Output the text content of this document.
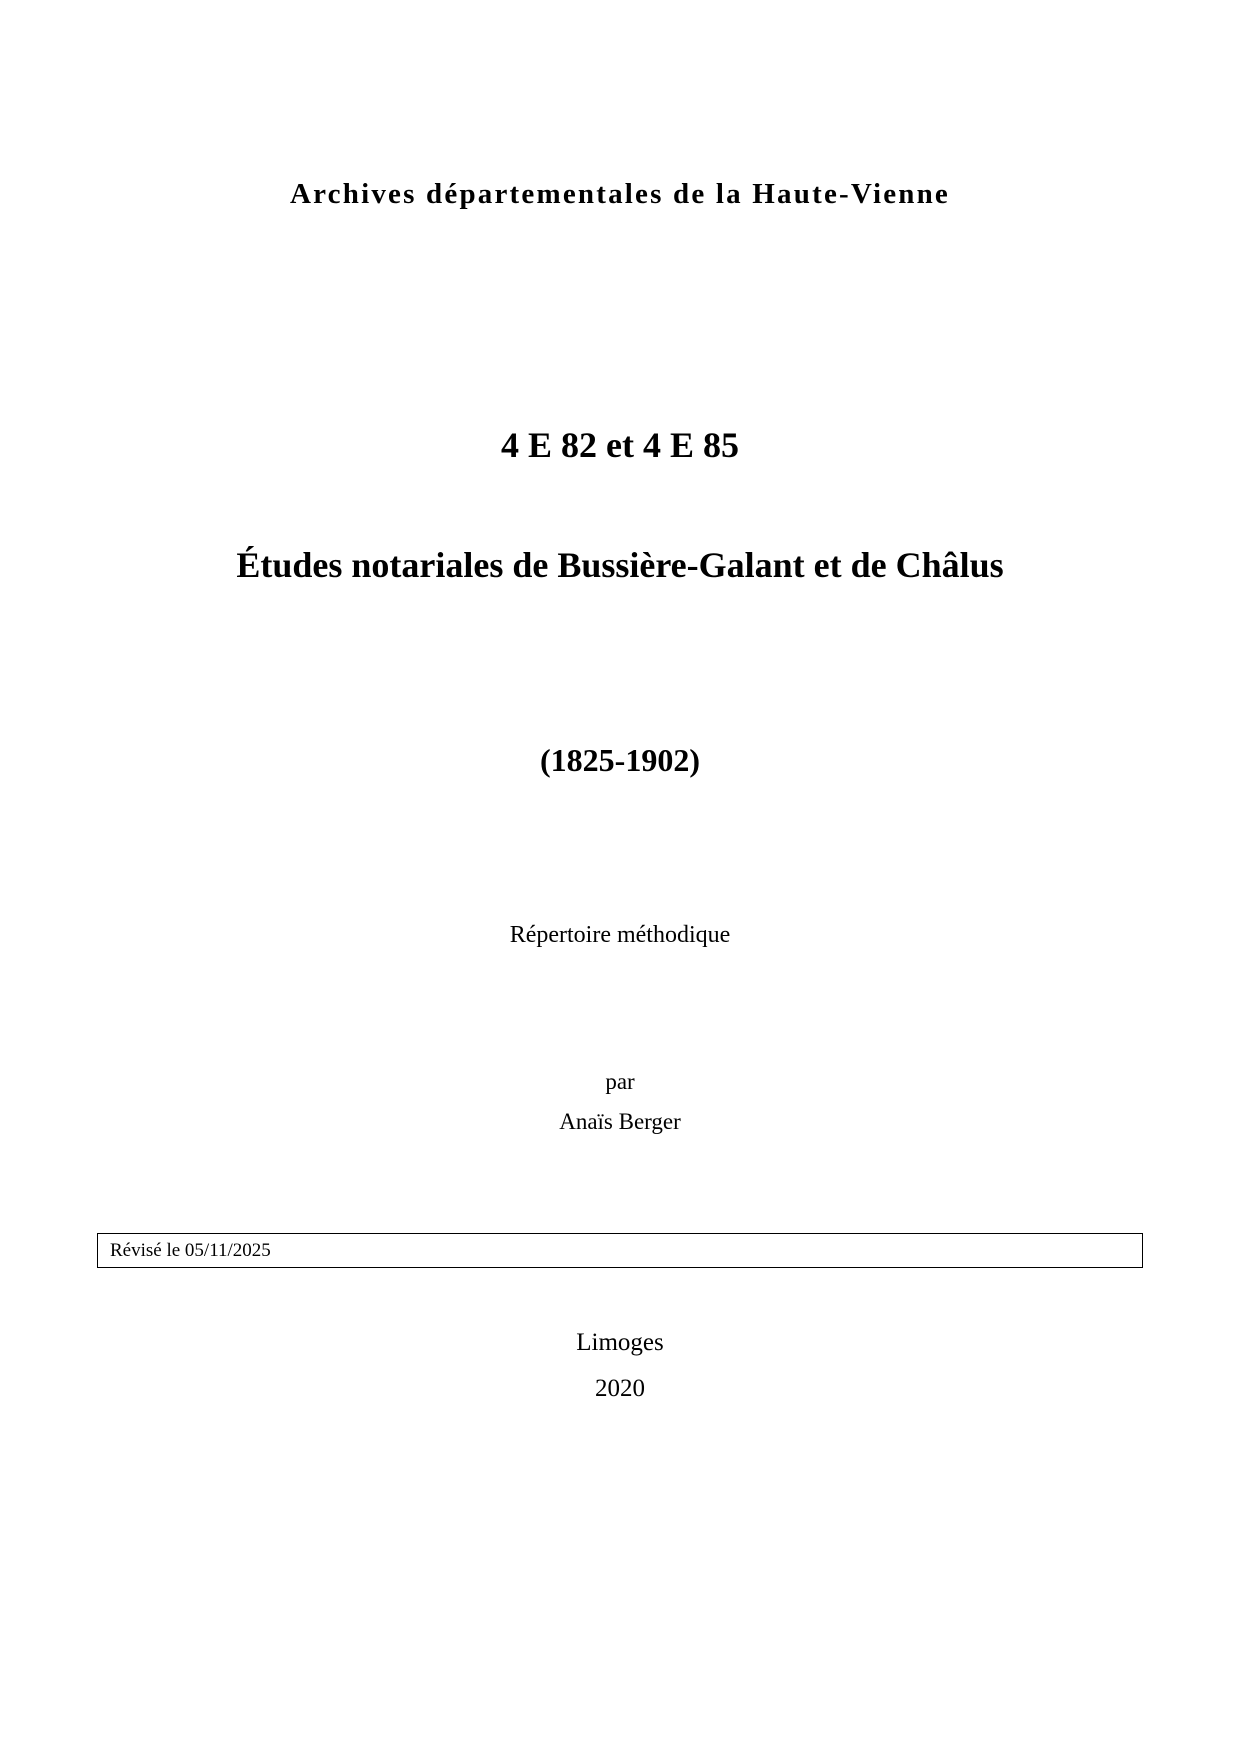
Archives départementales de la Haute-Vienne
4 E 82 et 4 E 85
Études notariales de Bussière-Galant et de Châlus
(1825-1902)
Répertoire méthodique
par
Anaïs Berger
Révisé le 05/11/2025
Limoges
2020
